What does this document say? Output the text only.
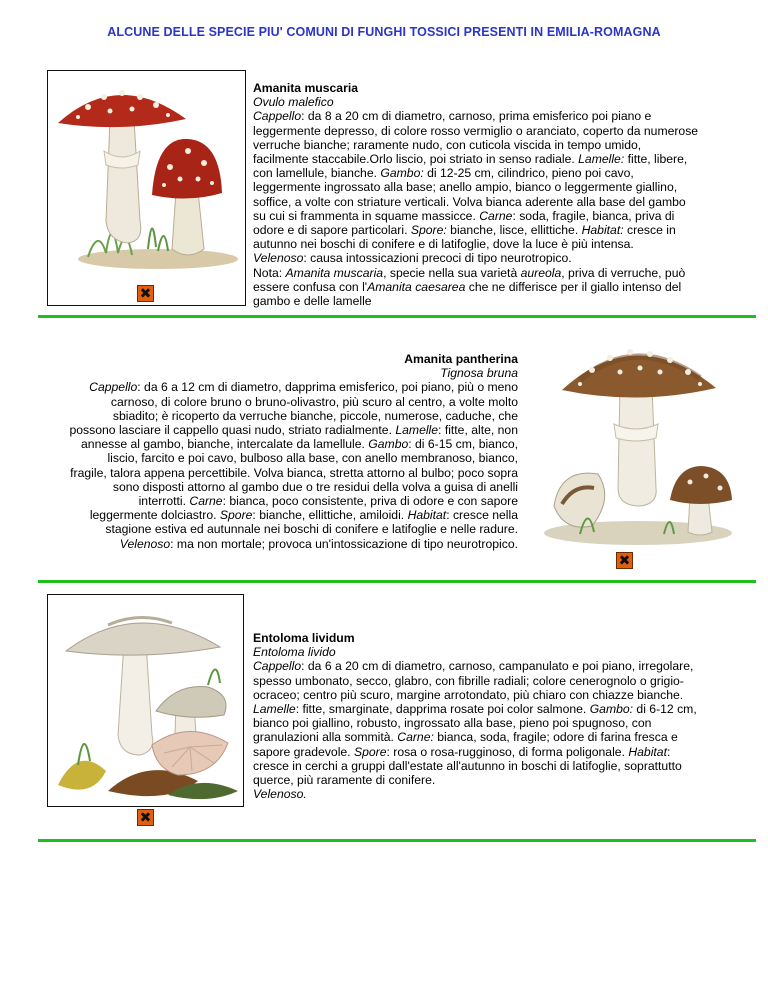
ALCUNE DELLE SPECIE PIU' COMUNI DI FUNGHI TOSSICI PRESENTI IN EMILIA-ROMAGNA
✖
Amanita muscaria
Ovulo malefico
Cappello: da 8 a 20 cm di diametro, carnoso, prima emisferico poi piano e
leggermente depresso, di colore rosso vermiglio o aranciato, coperto da numerose
verruche bianche; raramente nudo, con cuticola viscida in tempo umido,
facilmente staccabile.Orlo liscio, poi striato in senso radiale. Lamelle: fitte, libere,
con lamellule, bianche. Gambo: di 12-25 cm, cilindrico, pieno poi cavo,
leggermente ingrossato alla base; anello ampio, bianco o leggermente giallino,
soffice, a volte con striature verticali. Volva bianca aderente alla base del gambo
su cui si frammenta in squame massicce. Carne: soda, fragile, bianca, priva di
odore e di sapore particolari. Spore: bianche, lisce, ellittiche. Habitat: cresce in
autunno nei boschi di conifere e di latifoglie, dove la luce è più intensa.
Velenoso: causa intossicazioni precoci di tipo neurotropico.
Nota: Amanita muscaria, specie nella sua varietà aureola, priva di verruche, può
essere confusa con l'Amanita caesarea che ne differisce per il giallo intenso del
gambo e delle lamelle
Amanita pantherina
Tignosa bruna
Cappello: da 6 a 12 cm di diametro, dapprima emisferico, poi piano, più o meno
carnoso, di colore bruno o bruno-olivastro, più scuro al centro, a volte molto
sbiadito; è ricoperto da verruche bianche, piccole, numerose, caduche, che
possono lasciare il cappello quasi nudo, striato radialmente. Lamelle: fitte, alte, non
annesse al gambo, bianche, intercalate da lamellule. Gambo: di 6-15 cm, bianco,
liscio, farcito e poi cavo, bulboso alla base, con anello membranoso, bianco,
fragile, talora appena percettibile. Volva bianca, stretta attorno al bulbo; poco sopra
sono disposti attorno al gambo due o tre residui della volva a guisa di anelli
interrotti. Carne: bianca, poco consistente, priva di odore e con sapore
leggermente dolciastro. Spore: bianche, ellittiche, amiloidi. Habitat: cresce nella
stagione estiva ed autunnale nei boschi di conifere e latifoglie e nelle radure.
Velenoso: ma non mortale; provoca un'intossicazione di tipo neurotropico.
✖
✖
Entoloma lividum
Entoloma livido
Cappello: da 6 a 20 cm di diametro, carnoso, campanulato e poi piano, irregolare,
spesso umbonato, secco, glabro, con fibrille radiali; colore cenerognolo o grigio-
ocraceo; centro più scuro, margine arrotondato, più chiaro con chiazze bianche.
Lamelle: fitte, smarginate, dapprima rosate poi color salmone. Gambo: di 6-12 cm,
bianco poi giallino, robusto, ingrossato alla base, pieno poi spugnoso, con
granulazioni alla sommità. Carne: bianca, soda, fragile; odore di farina fresca e
sapore gradevole. Spore: rosa o rosa-rugginoso, di forma poligonale. Habitat:
cresce in cerchi a gruppi dall'estate all'autunno in boschi di latifoglie, soprattutto
querce, più raramente di conifere.
Velenoso.
